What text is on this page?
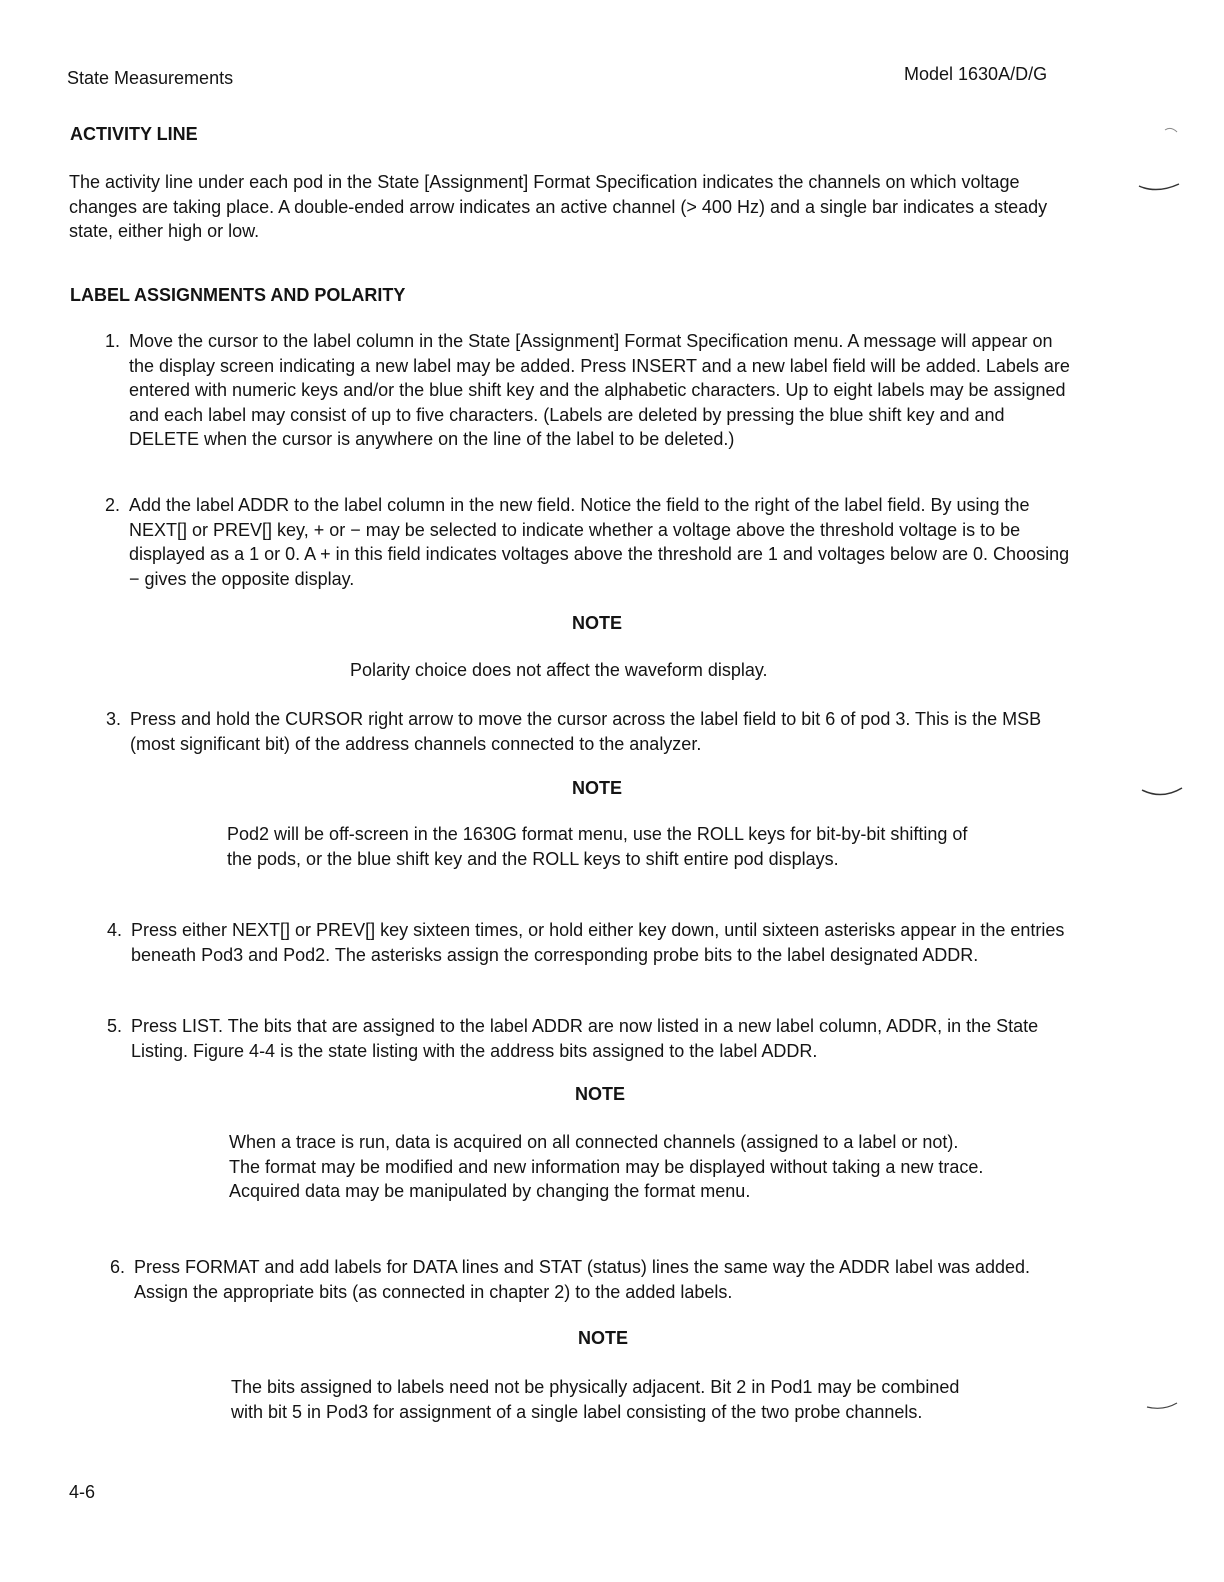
State Measurements	Model 1630A/D/G
ACTIVITY LINE

The activity line under each pod in the State [Assignment] Format Specification indicates the channels on which voltage changes are taking place. A double-ended arrow indicates an active channel (> 400 Hz) and a single bar indicates a steady state, either high or low.

LABEL ASSIGNMENTS AND POLARITY
1. Move the cursor to the label column in the State [Assignment] Format Specification menu. A message will appear on the display screen indicating a new label may be added. Press INSERT and a new label field will be added. Labels are entered with numeric keys and/or the blue shift key and the alphabetic characters. Up to eight labels may be assigned and each label may consist of up to five characters. (Labels are deleted by pressing the blue shift key and and DELETE when the cursor is anywhere on the line of the label to be deleted.)
2. Add the label ADDR to the label column in the new field. Notice the field to the right of the label field. By using the NEXT[] or PREV[] key, + or − may be selected to indicate whether a voltage above the threshold voltage is to be displayed as a 1 or 0. A + in this field indicates voltages above the threshold are 1 and voltages below are 0. Choosing − gives the opposite display.
NOTE
Polarity choice does not affect the waveform display.
3. Press and hold the CURSOR right arrow to move the cursor across the label field to bit 6 of pod 3. This is the MSB (most significant bit) of the address channels connected to the analyzer.
NOTE
Pod2 will be off-screen in the 1630G format menu, use the ROLL keys for bit-by-bit shifting of the pods, or the blue shift key and the ROLL keys to shift entire pod displays.
4. Press either NEXT[] or PREV[] key sixteen times, or hold either key down, until sixteen asterisks appear in the entries beneath Pod3 and Pod2. The asterisks assign the corresponding probe bits to the label designated ADDR.
5. Press LIST. The bits that are assigned to the label ADDR are now listed in a new label column, ADDR, in the State Listing. Figure 4-4 is the state listing with the address bits assigned to the label ADDR.
NOTE
When a trace is run, data is acquired on all connected channels (assigned to a label or not). The format may be modified and new information may be displayed without taking a new trace. Acquired data may be manipulated by changing the format menu.
6. Press FORMAT and add labels for DATA lines and STAT (status) lines the same way the ADDR label was added. Assign the appropriate bits (as connected in chapter 2) to the added labels.
NOTE
The bits assigned to labels need not be physically adjacent. Bit 2 in Pod1 may be combined with bit 5 in Pod3 for assignment of a single label consisting of the two probe channels.
4-6
